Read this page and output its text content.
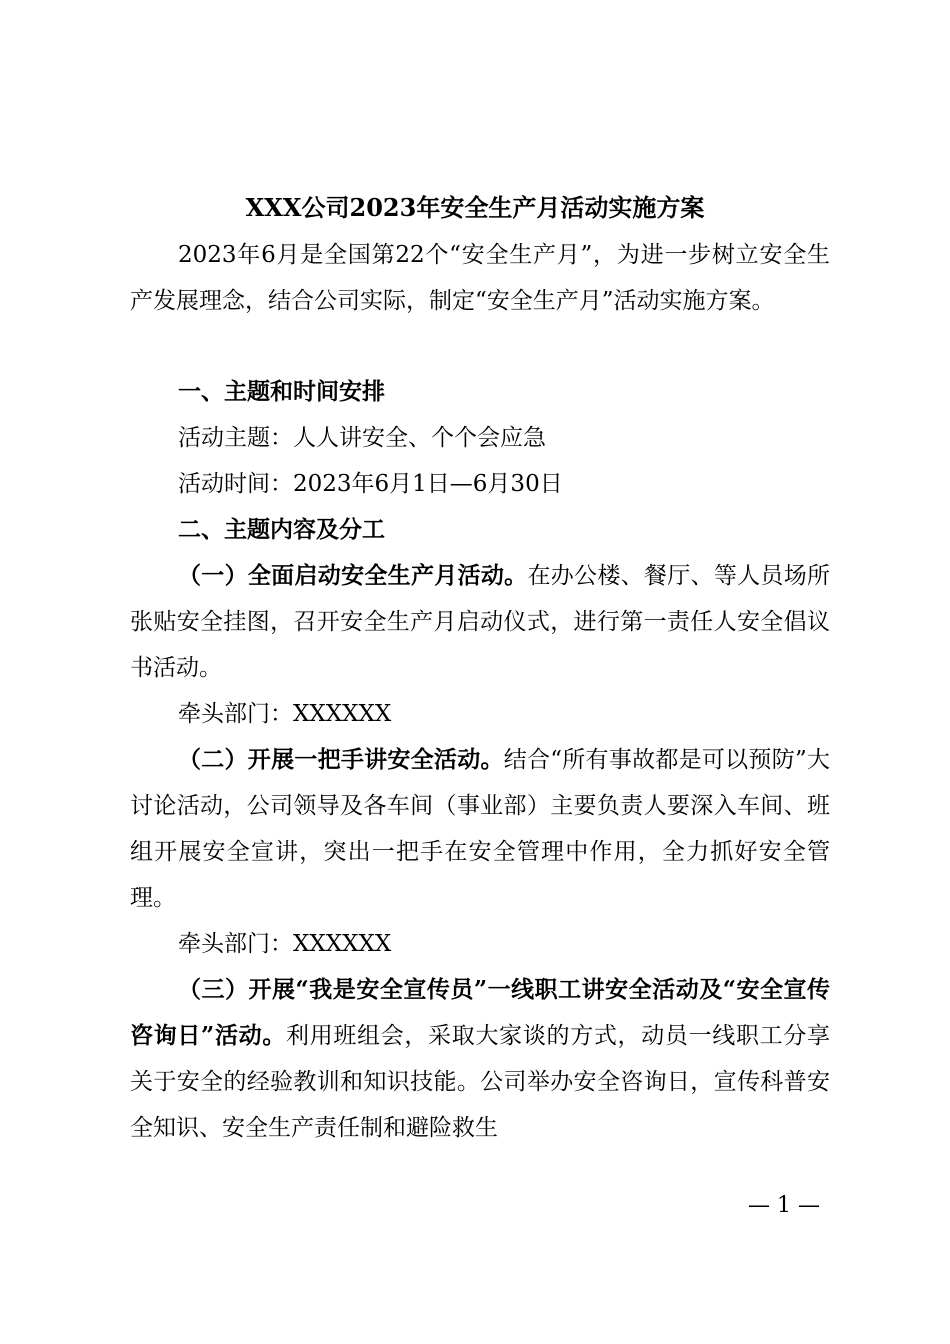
XXX公司2023年安全生产月活动实施方案
2023年6月是全国第22个“安全生产月”，为进一步树立安全生产发展理念，结合公司实际，制定“安全生产月”活动实施方案。
一、主题和时间安排
活动主题：人人讲安全、个个会应急
活动时间：2023年6月1日—6月30日
二、主题内容及分工
（一）全面启动安全生产月活动。在办公楼、餐厅、等人员场所张贴安全挂图，召开安全生产月启动仪式，进行第一责任人安全倡议书活动。
牵头部门：XXXXXX
（二）开展一把手讲安全活动。结合“所有事故都是可以预防”大讨论活动，公司领导及各车间（事业部）主要负责人要深入车间、班组开展安全宣讲，突出一把手在安全管理中作用，全力抓好安全管理。
牵头部门：XXXXXX
（三）开展“我是安全宣传员”一线职工讲安全活动及“安全宣传咨询日”活动。利用班组会，采取大家谈的方式，动员一线职工分享关于安全的经验教训和知识技能。公司举办安全咨询日，宣传科普安全知识、安全生产责任制和避险救生
— 1 —
